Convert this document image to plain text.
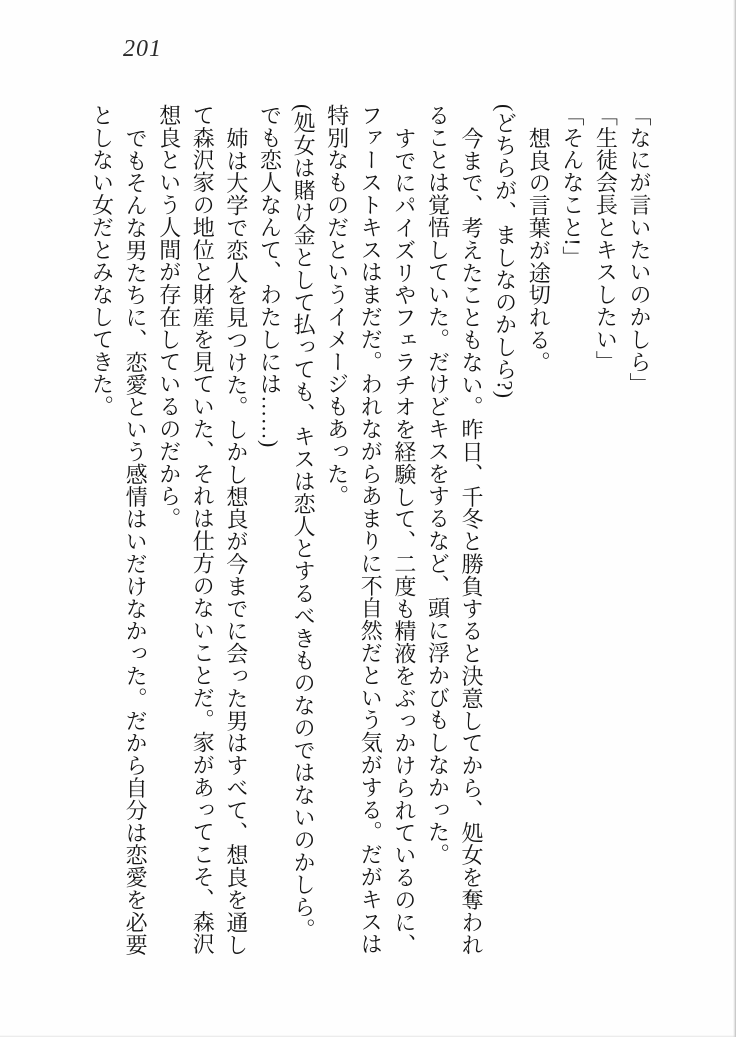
201
「なにが言いたいのかしら」
「生徒会長とキスしたい」
「そんなこと!」
想良の言葉が途切れる。
(どちらが、ましなのかしら?)
今まで、考えたこともない。昨日、千冬と勝負すると決意してから、処女を奪われ
ることは覚悟していた。だけどキスをするなど、頭に浮かびもしなかった。
すでにパイズリやフェラチオを経験して、二度も精液をぶっかけられているのに、
ファーストキスはまだだ。われながらあまりに不自然だという気がする。だがキスは
特別なものだというイメージもあった。
(処女は賭け金として払っても、キスは恋人とするべきものなのではないのかしら。
でも恋人なんて、わたしには……)
姉は大学で恋人を見つけた。しかし想良が今までに会った男はすべて、想良を通し
て森沢家の地位と財産を見ていた、それは仕方のないことだ。家があってこそ、森沢
想良という人間が存在しているのだから。
でもそんな男たちに、恋愛という感情はいだけなかった。だから自分は恋愛を必要
としない女だとみなしてきた。
